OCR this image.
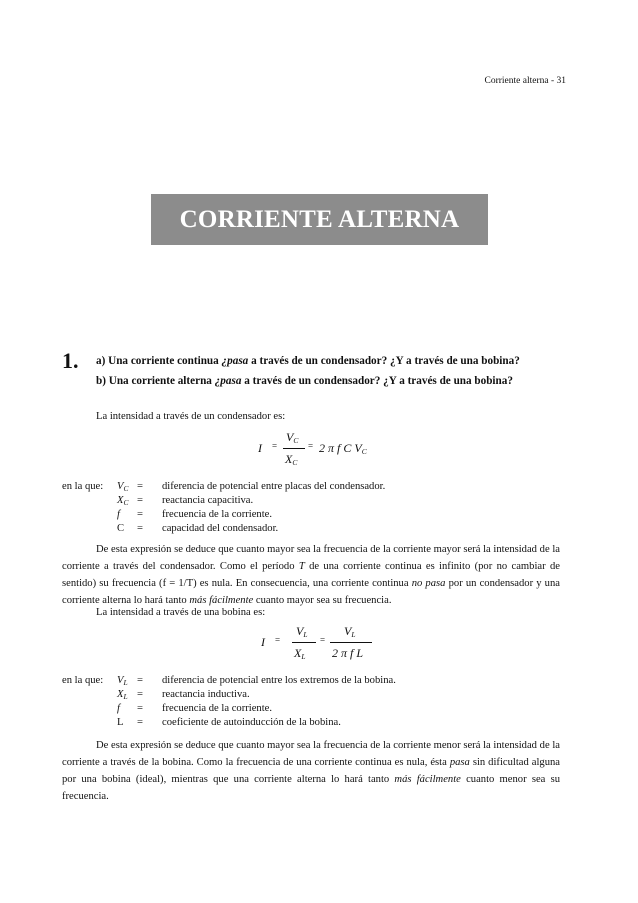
Corriente alterna - 31
CORRIENTE ALTERNA
1. a) Una corriente continua ¿pasa a través de un condensador? ¿Y a través de una bobina?
b) Una corriente alterna ¿pasa a través de un condensador? ¿Y a través de una bobina?
La intensidad a través de un condensador es:
I =
$V_C$
$X_C$
= 2 π f C $V_C$
en la que: $V_C$	=	diferencia de potencial entre placas del condensador.
$X_C$	=	reactancia capacitiva.
f	=	frecuencia de la corriente.
C	=	capacidad del condensador.
De esta expresión se deduce que cuanto mayor sea la frecuencia de la corriente mayor será la intensidad de la corriente a través del condensador. Como el período T de una corriente continua es infinito (por no cambiar de sentido) su frecuencia (f = 1/T) es nula. En consecuencia, una corriente continua no pasa por un condensador y una corriente alterna lo hará tanto más fácilmente cuanto mayor sea su frecuencia.
La intensidad a través de una bobina es:
I =
$V_L$
$X_L$
=
$V_L$
2 π f L
en la que: $V_L$	=	diferencia de potencial entre los extremos de la bobina.
$X_L$	=	reactancia inductiva.
f	=	frecuencia de la corriente.
L	=	coeficiente de autoinducción de la bobina.
De esta expresión se deduce que cuanto mayor sea la frecuencia de la corriente menor será la intensidad de la corriente a través de la bobina. Como la frecuencia de una corriente continua es nula, ésta pasa sin dificultad alguna por una bobina (ideal), mientras que una corriente alterna lo hará tanto más fácilmente cuanto menor sea su frecuencia.
